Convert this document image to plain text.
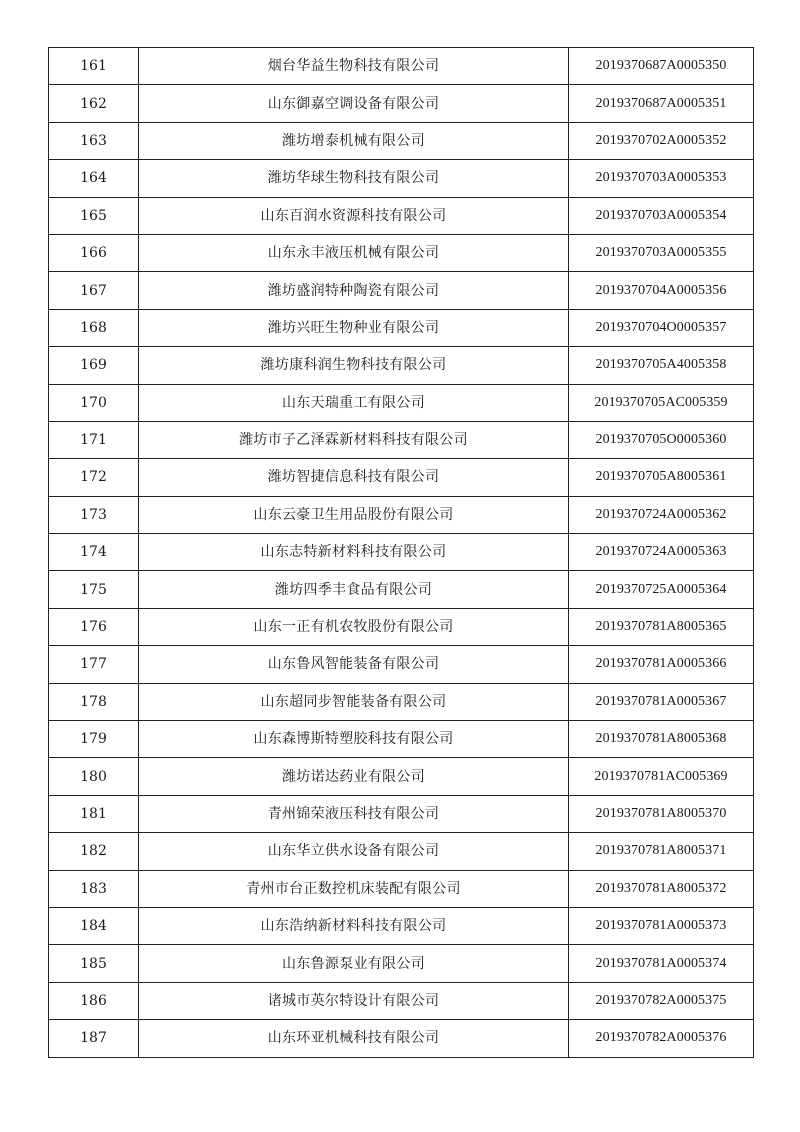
161	烟台华益生物科技有限公司	2019370687A0005350
162	山东御嘉空调设备有限公司	2019370687A0005351
163	潍坊增泰机械有限公司	2019370702A0005352
164	潍坊华球生物科技有限公司	2019370703A0005353
165	山东百润水资源科技有限公司	2019370703A0005354
166	山东永丰液压机械有限公司	2019370703A0005355
167	潍坊盛润特种陶瓷有限公司	2019370704A0005356
168	潍坊兴旺生物种业有限公司	2019370704O0005357
169	潍坊康科润生物科技有限公司	2019370705A4005358
170	山东天瑞重工有限公司	2019370705AC005359
171	潍坊市子乙泽霖新材料科技有限公司	2019370705O0005360
172	潍坊智捷信息科技有限公司	2019370705A8005361
173	山东云豪卫生用品股份有限公司	2019370724A0005362
174	山东志特新材料科技有限公司	2019370724A0005363
175	潍坊四季丰食品有限公司	2019370725A0005364
176	山东一正有机农牧股份有限公司	2019370781A8005365
177	山东鲁风智能装备有限公司	2019370781A0005366
178	山东超同步智能装备有限公司	2019370781A0005367
179	山东森博斯特塑胶科技有限公司	2019370781A8005368
180	潍坊诺达药业有限公司	2019370781AC005369
181	青州锦荣液压科技有限公司	2019370781A8005370
182	山东华立供水设备有限公司	2019370781A8005371
183	青州市台正数控机床装配有限公司	2019370781A8005372
184	山东浩纳新材料科技有限公司	2019370781A0005373
185	山东鲁源泵业有限公司	2019370781A0005374
186	诸城市英尔特设计有限公司	2019370782A0005375
187	山东环亚机械科技有限公司	2019370782A0005376
